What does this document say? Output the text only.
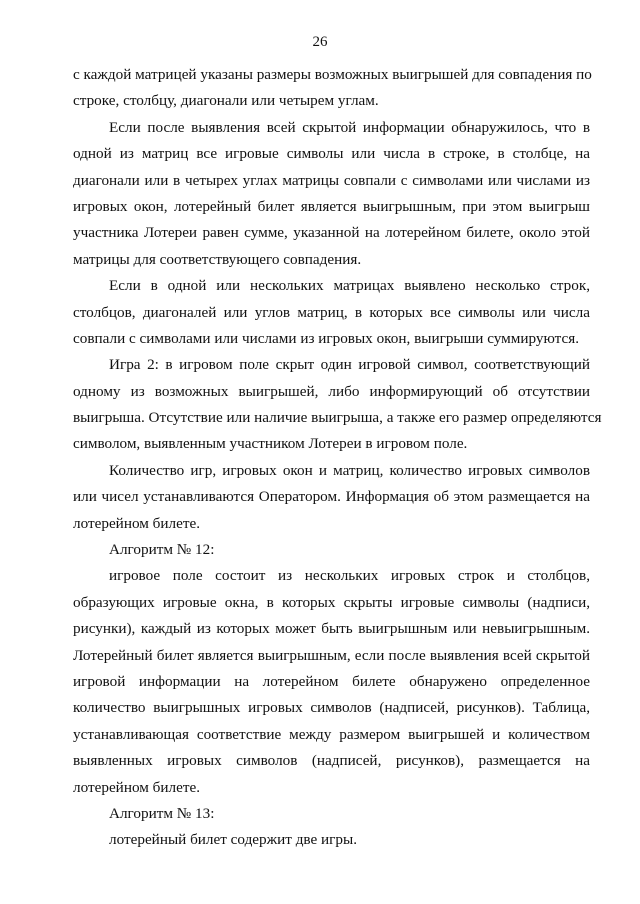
26
с каждой матрицей указаны размеры возможных выигрышей для совпадения по
строке, столбцу, диагонали или четырем углам.
Если после выявления всей скрытой информации обнаружилось, что в
одной из матриц все игровые символы или числа в строке, в столбце, на
диагонали или в четырех углах матрицы совпали с символами или числами из
игровых окон, лотерейный билет является выигрышным, при этом выигрыш
участника Лотереи равен сумме, указанной на лотерейном билете, около этой
матрицы для соответствующего совпадения.
Если в одной или нескольких матрицах выявлено несколько строк,
столбцов, диагоналей или углов матриц, в которых все символы или числа
совпали с символами или числами из игровых окон, выигрыши суммируются.
Игра 2: в игровом поле скрыт один игровой символ, соответствующий
одному из возможных выигрышей, либо информирующий об отсутствии
выигрыша. Отсутствие или наличие выигрыша, а также его размер определяются
символом, выявленным участником Лотереи в игровом поле.
Количество игр, игровых окон и матриц, количество игровых символов
или чисел устанавливаются Оператором. Информация об этом размещается на
лотерейном билете.
Алгоритм № 12:
игровое поле состоит из нескольких игровых строк и столбцов,
образующих игровые окна, в которых скрыты игровые символы (надписи,
рисунки), каждый из которых может быть выигрышным или невыигрышным.
Лотерейный билет является выигрышным, если после выявления всей скрытой
игровой информации на лотерейном билете обнаружено определенное
количество выигрышных игровых символов (надписей, рисунков). Таблица,
устанавливающая соответствие между размером выигрышей и количеством
выявленных игровых символов (надписей, рисунков), размещается на
лотерейном билете.
Алгоритм № 13:
лотерейный билет содержит две игры.
